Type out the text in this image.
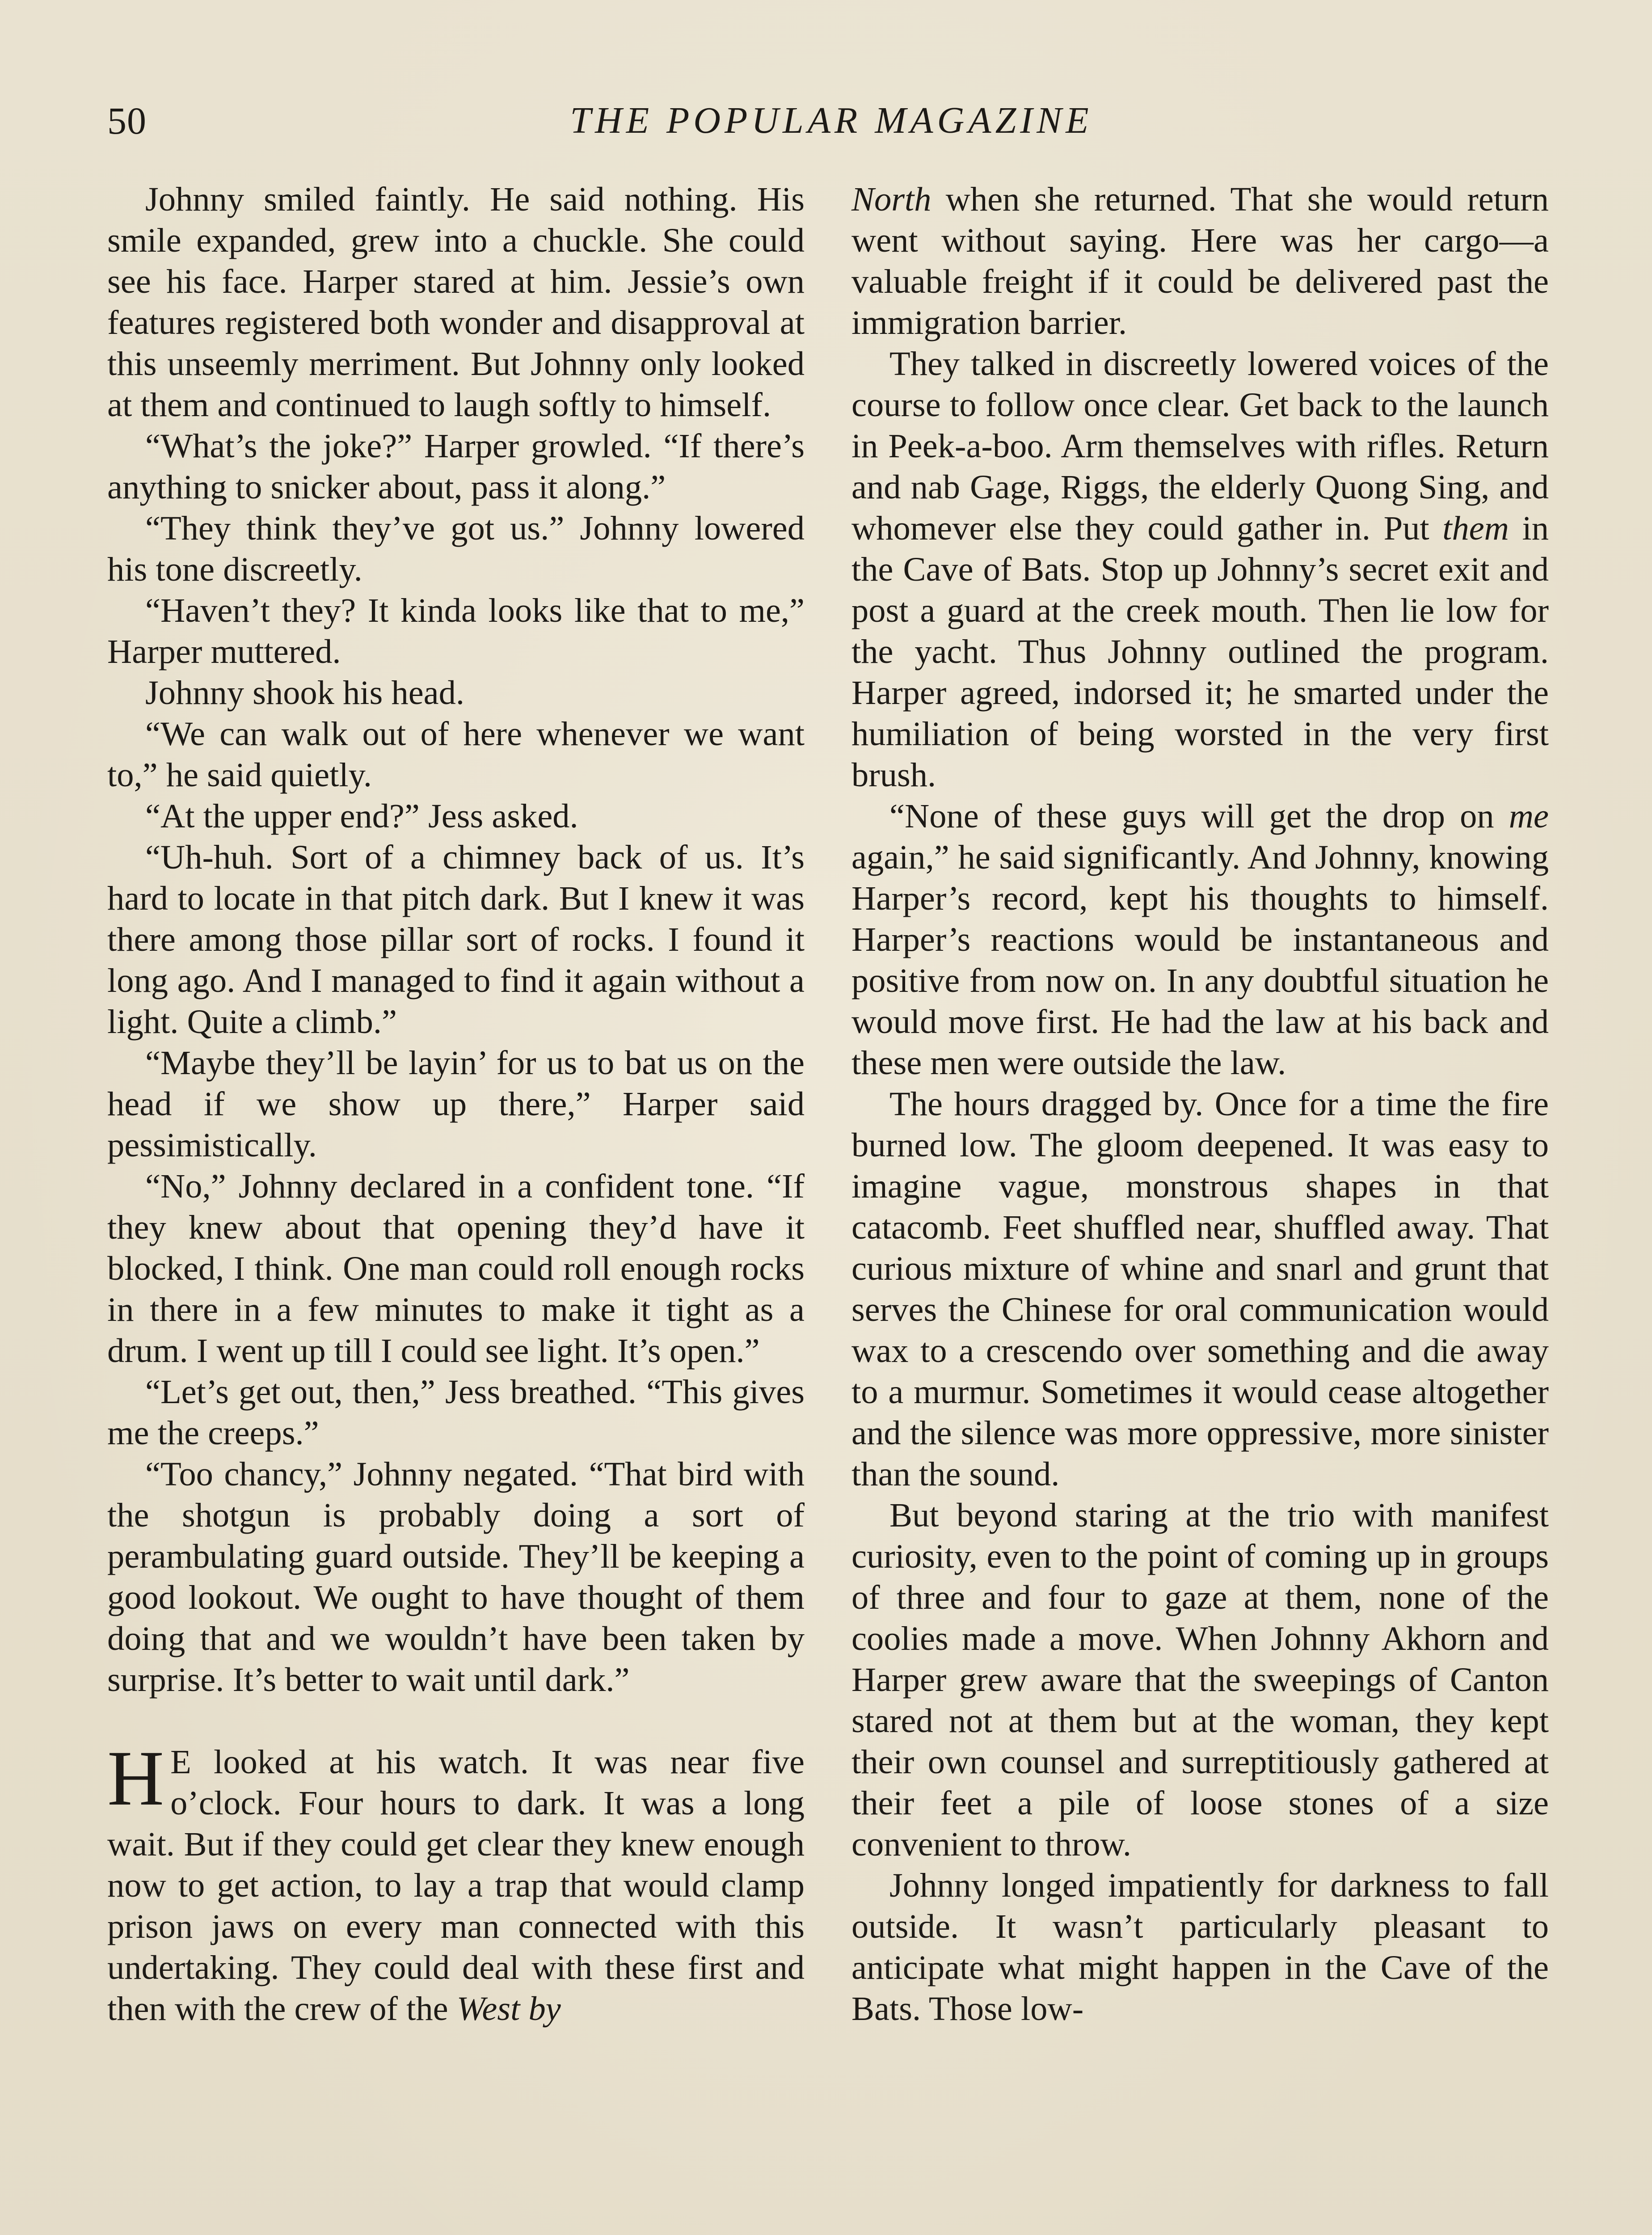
50	THE POPULAR MAGAZINE

Johnny smiled faintly. He said nothing. His smile expanded, grew into a chuckle. She could see his face. Harper stared at him. Jessie’s own features registered both wonder and disapproval at this unseemly merriment. But Johnny only looked at them and continued to laugh softly to himself.

“What’s the joke?” Harper growled. “If there’s anything to snicker about, pass it along.”

“They think they’ve got us.” Johnny lowered his tone discreetly.

“Haven’t they? It kinda looks like that to me,” Harper muttered.

Johnny shook his head.

“We can walk out of here whenever we want to,” he said quietly.

“At the upper end?” Jess asked.

“Uh-huh. Sort of a chimney back of us. It’s hard to locate in that pitch dark. But I knew it was there among those pillar sort of rocks. I found it long ago. And I managed to find it again without a light. Quite a climb.”

“Maybe they’ll be layin’ for us to bat us on the head if we show up there,” Harper said pessimistically.

“No,” Johnny declared in a confident tone. “If they knew about that opening they’d have it blocked, I think. One man could roll enough rocks in there in a few minutes to make it tight as a drum. I went up till I could see light. It’s open.”

“Let’s get out, then,” Jess breathed. “This gives me the creeps.”

“Too chancy,” Johnny negated. “That bird with the shotgun is probably doing a sort of perambulating guard outside. They’ll be keeping a good lookout. We ought to have thought of them doing that and we wouldn’t have been taken by surprise. It’s better to wait until dark.”

H E looked at his watch. It was near five o’clock. Four hours to dark. It was a long wait. But if they could get clear they knew enough now to get action, to lay a trap that would clamp prison jaws on every man connected with this undertaking. They could deal with these first and then with the crew of the West by

North when she returned. That she would return went without saying. Here was her cargo—a valuable freight if it could be delivered past the immigration barrier.

They talked in discreetly lowered voices of the course to follow once clear. Get back to the launch in Peek-a-boo. Arm themselves with rifles. Return and nab Gage, Riggs, the elderly Quong Sing, and whomever else they could gather in. Put them in the Cave of Bats. Stop up Johnny’s secret exit and post a guard at the creek mouth. Then lie low for the yacht. Thus Johnny outlined the program. Harper agreed, indorsed it; he smarted under the humiliation of being worsted in the very first brush.

“None of these guys will get the drop on me again,” he said significantly. And Johnny, knowing Harper’s record, kept his thoughts to himself. Harper’s reactions would be instantaneous and positive from now on. In any doubtful situation he would move first. He had the law at his back and these men were outside the law.

The hours dragged by. Once for a time the fire burned low. The gloom deepened. It was easy to imagine vague, monstrous shapes in that catacomb. Feet shuffled near, shuffled away. That curious mixture of whine and snarl and grunt that serves the Chinese for oral communication would wax to a crescendo over something and die away to a murmur. Sometimes it would cease altogether and the silence was more oppressive, more sinister than the sound.

But beyond staring at the trio with manifest curiosity, even to the point of coming up in groups of three and four to gaze at them, none of the coolies made a move. When Johnny Akhorn and Harper grew aware that the sweepings of Canton stared not at them but at the woman, they kept their own counsel and surreptitiously gathered at their feet a pile of loose stones of a size convenient to throw.

Johnny longed impatiently for darkness to fall outside. It wasn’t particularly pleasant to anticipate what might happen in the Cave of the Bats. Those low-
